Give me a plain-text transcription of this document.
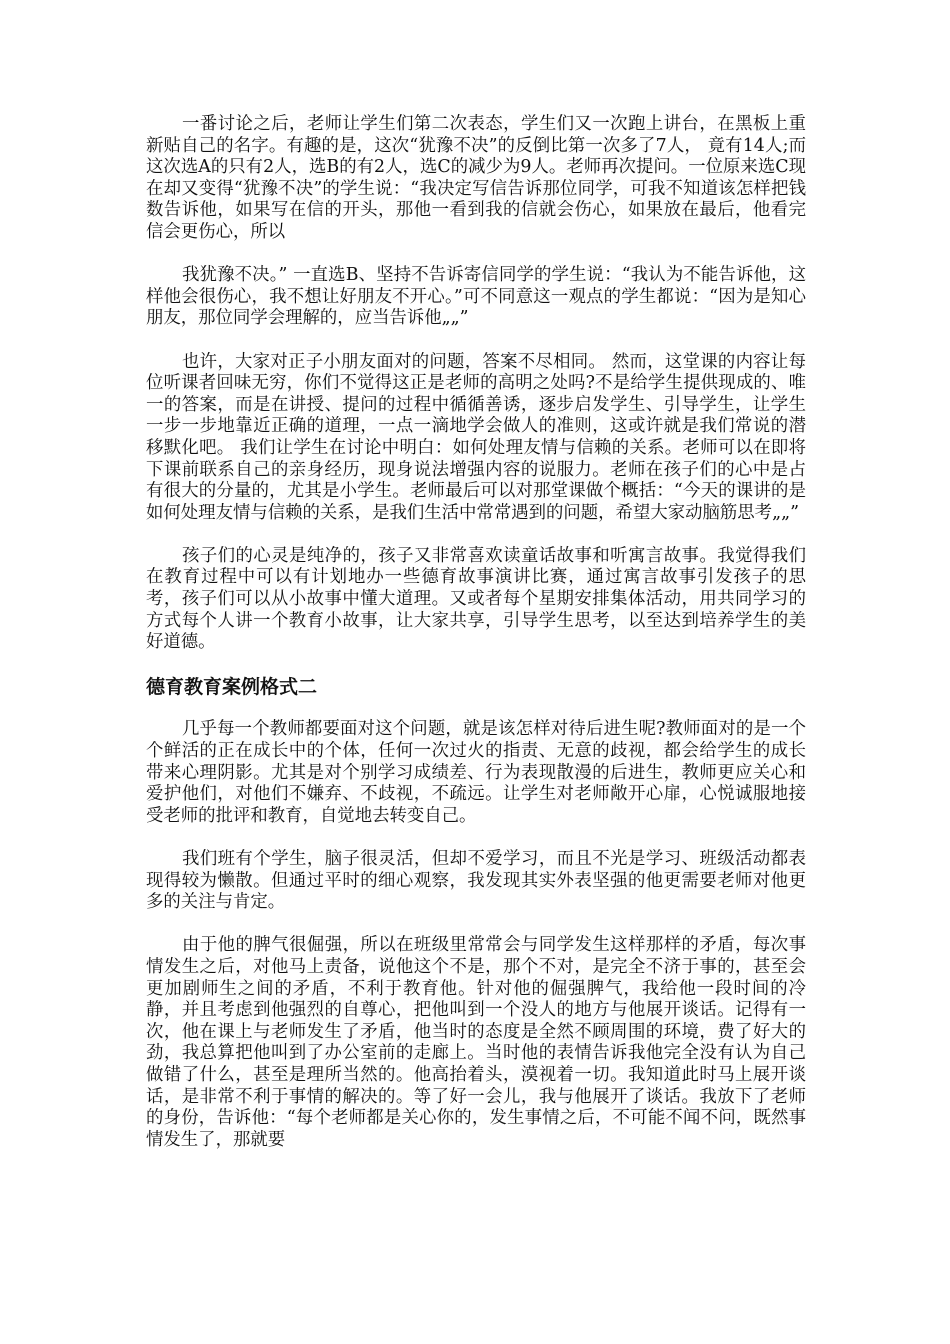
一番讨论之后，老师让学生们第二次表态，学生们又一次跑上讲台，在黑板上重新贴自己的名字。有趣的是，这次“犹豫不决”的反倒比第一次多了7人， 竟有14人;而这次选A的只有2人，选B的有2人，选C的减少为9人。老师再次提问。一位原来选C现在却又变得“犹豫不决”的学生说：“我决定写信告诉那位同学，可我不知道该怎样把钱数告诉他，如果写在信的开头，那他一看到我的信就会伤心，如果放在最后，他看完信会更伤心，所以

我犹豫不决。” 一直选B、坚持不告诉寄信同学的学生说：“我认为不能告诉他，这样他会很伤心，我不想让好朋友不开心。”可不同意这一观点的学生都说：“因为是知心朋友，那位同学会理解的，应当告诉他„„”

也许，大家对正子小朋友面对的问题，答案不尽相同。 然而，这堂课的内容让每位听课者回味无穷，你们不觉得这正是老师的高明之处吗?不是给学生提供现成的、唯一的答案，而是在讲授、提问的过程中循循善诱，逐步启发学生、引导学生，让学生一步一步地靠近正确的道理，一点一滴地学会做人的准则，这或许就是我们常说的潜移默化吧。 我们让学生在讨论中明白：如何处理友情与信赖的关系。老师可以在即将下课前联系自己的亲身经历，现身说法增强内容的说服力。老师在孩子们的心中是占有很大的分量的，尤其是小学生。老师最后可以对那堂课做个概括：“今天的课讲的是如何处理友情与信赖的关系，是我们生活中常常遇到的问题，希望大家动脑筋思考„„”

孩子们的心灵是纯净的，孩子又非常喜欢读童话故事和听寓言故事。我觉得我们在教育过程中可以有计划地办一些德育故事演讲比赛，通过寓言故事引发孩子的思考，孩子们可以从小故事中懂大道理。又或者每个星期安排集体活动，用共同学习的方式每个人讲一个教育小故事，让大家共享，引导学生思考，以至达到培养学生的美好道德。

德育教育案例格式二

几乎每一个教师都要面对这个问题，就是该怎样对待后进生呢?教师面对的是一个个鲜活的正在成长中的个体，任何一次过火的指责、无意的歧视，都会给学生的成长带来心理阴影。尤其是对个别学习成绩差、行为表现散漫的后进生，教师更应关心和爱护他们，对他们不嫌弃、不歧视，不疏远。让学生对老师敞开心扉，心悦诚服地接受老师的批评和教育，自觉地去转变自己。

我们班有个学生，脑子很灵活，但却不爱学习，而且不光是学习、班级活动都表现得较为懒散。但通过平时的细心观察，我发现其实外表坚强的他更需要老师对他更多的关注与肯定。

由于他的脾气很倔强，所以在班级里常常会与同学发生这样那样的矛盾，每次事情发生之后，对他马上责备，说他这个不是，那个不对，是完全不济于事的，甚至会更加剧师生之间的矛盾，不利于教育他。针对他的倔强脾气，我给他一段时间的冷静，并且考虑到他强烈的自尊心，把他叫到一个没人的地方与他展开谈话。记得有一次，他在课上与老师发生了矛盾，他当时的态度是全然不顾周围的环境，费了好大的劲，我总算把他叫到了办公室前的走廊上。当时他的表情告诉我他完全没有认为自己做错了什么，甚至是理所当然的。他高抬着头，漠视着一切。我知道此时马上展开谈话，是非常不利于事情的解决的。等了好一会儿，我与他展开了谈话。我放下了老师的身份，告诉他：“每个老师都是关心你的，发生事情之后，不可能不闻不问，既然事情发生了，那就要
